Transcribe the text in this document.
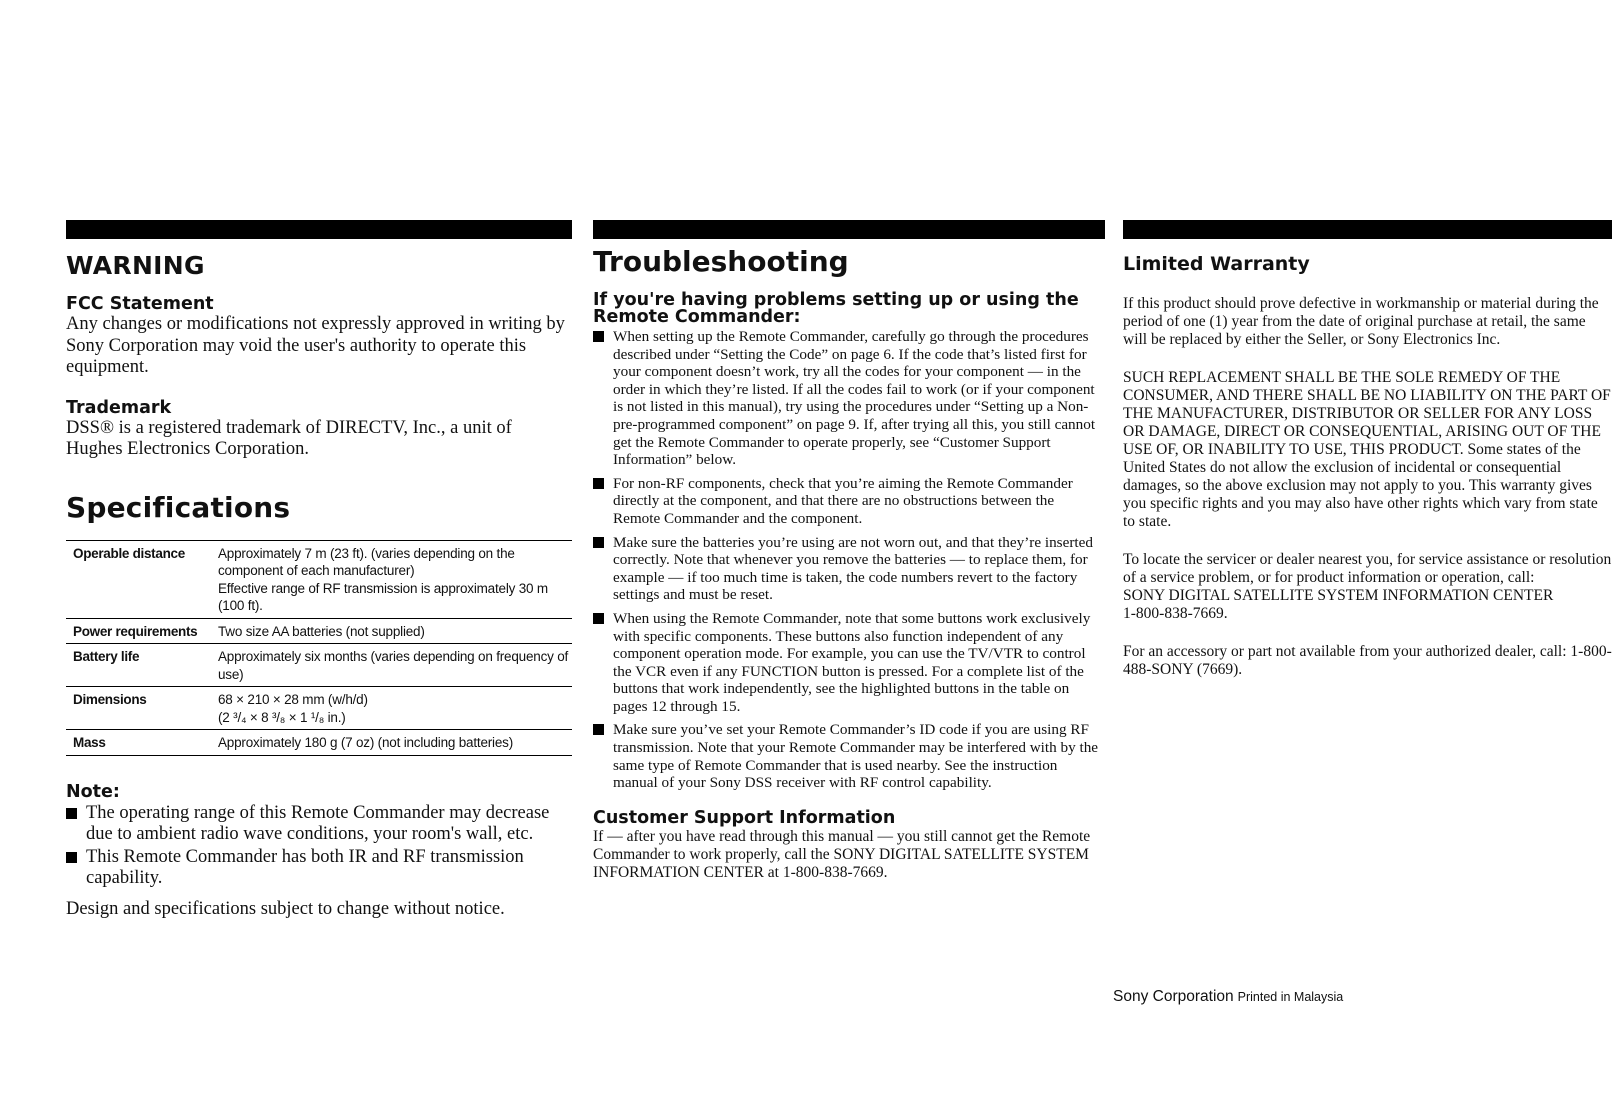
WARNING

FCC Statement

Any changes or modifications not expressly approved in writing by Sony Corporation may void the user's authority to operate this equipment.

Trademark

DSS® is a registered trademark of DIRECTV, Inc., a unit of Hughes Electronics Corporation.

Specifications
Operable distance	Approximately 7 m (23 ft). (varies depending on the component of each manufacturer)
Effective range of RF transmission is approximately 30 m (100 ft).

Power requirements	Two size AA batteries (not supplied)

Battery life	Approximately six months (varies depending on frequency of use)

Dimensions	68 × 210 × 28 mm (w/h/d)
(2 ³/₄ × 8 ³/₈ × 1 ¹/₈ in.)

Mass	Approximately 180 g (7 oz) (not including batteries)

Note:

The operating range of this Remote Commander may decrease due to ambient radio wave conditions, your room's wall, etc.
This Remote Commander has both IR and RF transmission capability.

Design and specifications subject to change without notice.

Troubleshooting

If you're having problems setting up or using the Remote Commander:

When setting up the Remote Commander, carefully go through the procedures described under “Setting the Code” on page 6. If the code that’s listed first for your component doesn’t work, try all the codes for your component — in the order in which they’re listed. If all the codes fail to work (or if your component is not listed in this manual), try using the procedures under “Setting up a Non-pre-programmed component” on page 9. If, after trying all this, you still cannot get the Remote Commander to operate properly, see “Customer Support Information” below.
For non-RF components, check that you’re aiming the Remote Commander directly at the component, and that there are no obstructions between the Remote Commander and the component.
Make sure the batteries you’re using are not worn out, and that they’re inserted correctly. Note that whenever you remove the batteries — to replace them, for example — if too much time is taken, the code numbers revert to the factory settings and must be reset.
When using the Remote Commander, note that some buttons work exclusively with specific components. These buttons also function independent of any component operation mode. For example, you can use the TV/VTR to control the VCR even if any FUNCTION button is pressed. For a complete list of the buttons that work independently, see the highlighted buttons in the table on pages 12 through 15.
Make sure you’ve set your Remote Commander’s ID code if you are using RF transmission. Note that your Remote Commander may be interfered with by the same type of Remote Commander that is used nearby. See the instruction manual of your Sony DSS receiver with RF control capability.

Customer Support Information

If — after you have read through this manual — you still cannot get the Remote Commander to work properly, call the SONY DIGITAL SATELLITE SYSTEM INFORMATION CENTER at 1-800-838-7669.

Limited Warranty

If this product should prove defective in workmanship or material during the period of one (1) year from the date of original purchase at retail, the same will be replaced by either the Seller, or Sony Electronics Inc.

SUCH REPLACEMENT SHALL BE THE SOLE REMEDY OF THE CONSUMER, AND THERE SHALL BE NO LIABILITY ON THE PART OF THE MANUFACTURER, DISTRIBUTOR OR SELLER FOR ANY LOSS OR DAMAGE, DIRECT OR CONSEQUENTIAL, ARISING OUT OF THE USE OF, OR INABILITY TO USE, THIS PRODUCT. Some states of the United States do not allow the exclusion of incidental or consequential damages, so the above exclusion may not apply to you. This warranty gives you specific rights and you may also have other rights which vary from state to state.

To locate the servicer or dealer nearest you, for service assistance or resolution of a service problem, or for product information or operation, call:

SONY DIGITAL SATELLITE SYSTEM INFORMATION CENTER

1-800-838-7669.

For an accessory or part not available from your authorized dealer, call: 1-800-488-SONY (7669).

Sony Corporation Printed in Malaysia
